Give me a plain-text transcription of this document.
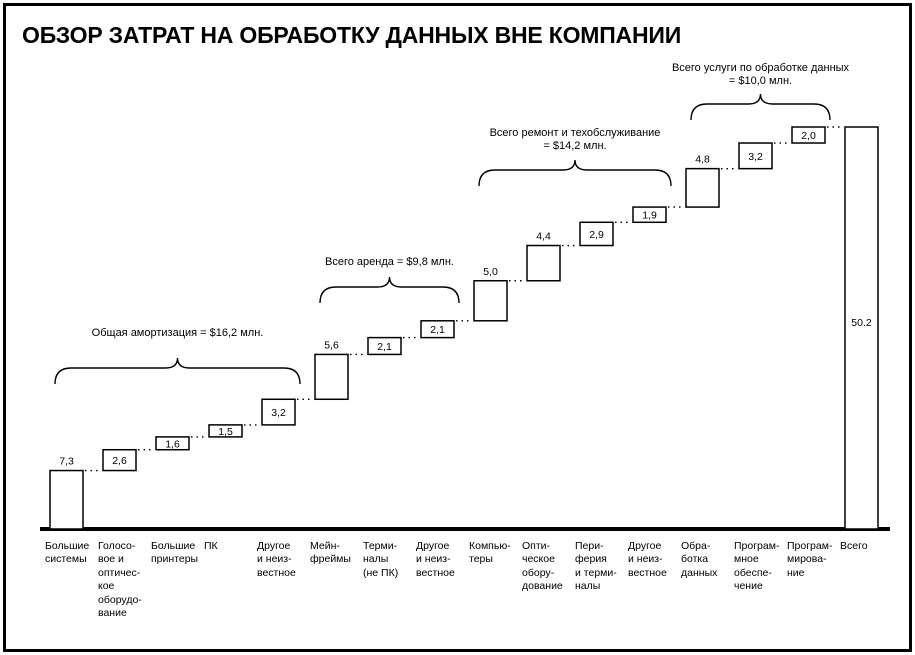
ОБЗОР ЗАТРАТ НА ОБРАБОТКУ ДАННЫХ ВНЕ КОМПАНИИ
7,3	2,6
1,6
1,5
3,2
5,6	2,1
2,1
5,0
4,4	2,9
1,9
4,8	3,2
2,0
50.2
Большие
системы
Голосо-
вое и
оптичес-
кое
оборудо-
вание
Большие
принтеры
ПК	Другое
и неиз-
вестное
Мейн-
фреймы
Терми-
налы
(не ПК)
Другое
и неиз-
вестное
Компью-
теры
Опти-
ческое
обору-
дование
Пери-
ферия
и терми-
налы
Другое
и неиз-
вестное
Обра-
ботка
данных
Програм-
мное
обеспе-
чение
Програм-
мирова-
ние
Всего
Общая амортизация = $16,2 млн.
Всего аренда = $9,8 млн.
Всего ремонт и техобслуживание
= $14,2 млн.
Всего услуги по обработке данных
= $10,0 млн.
